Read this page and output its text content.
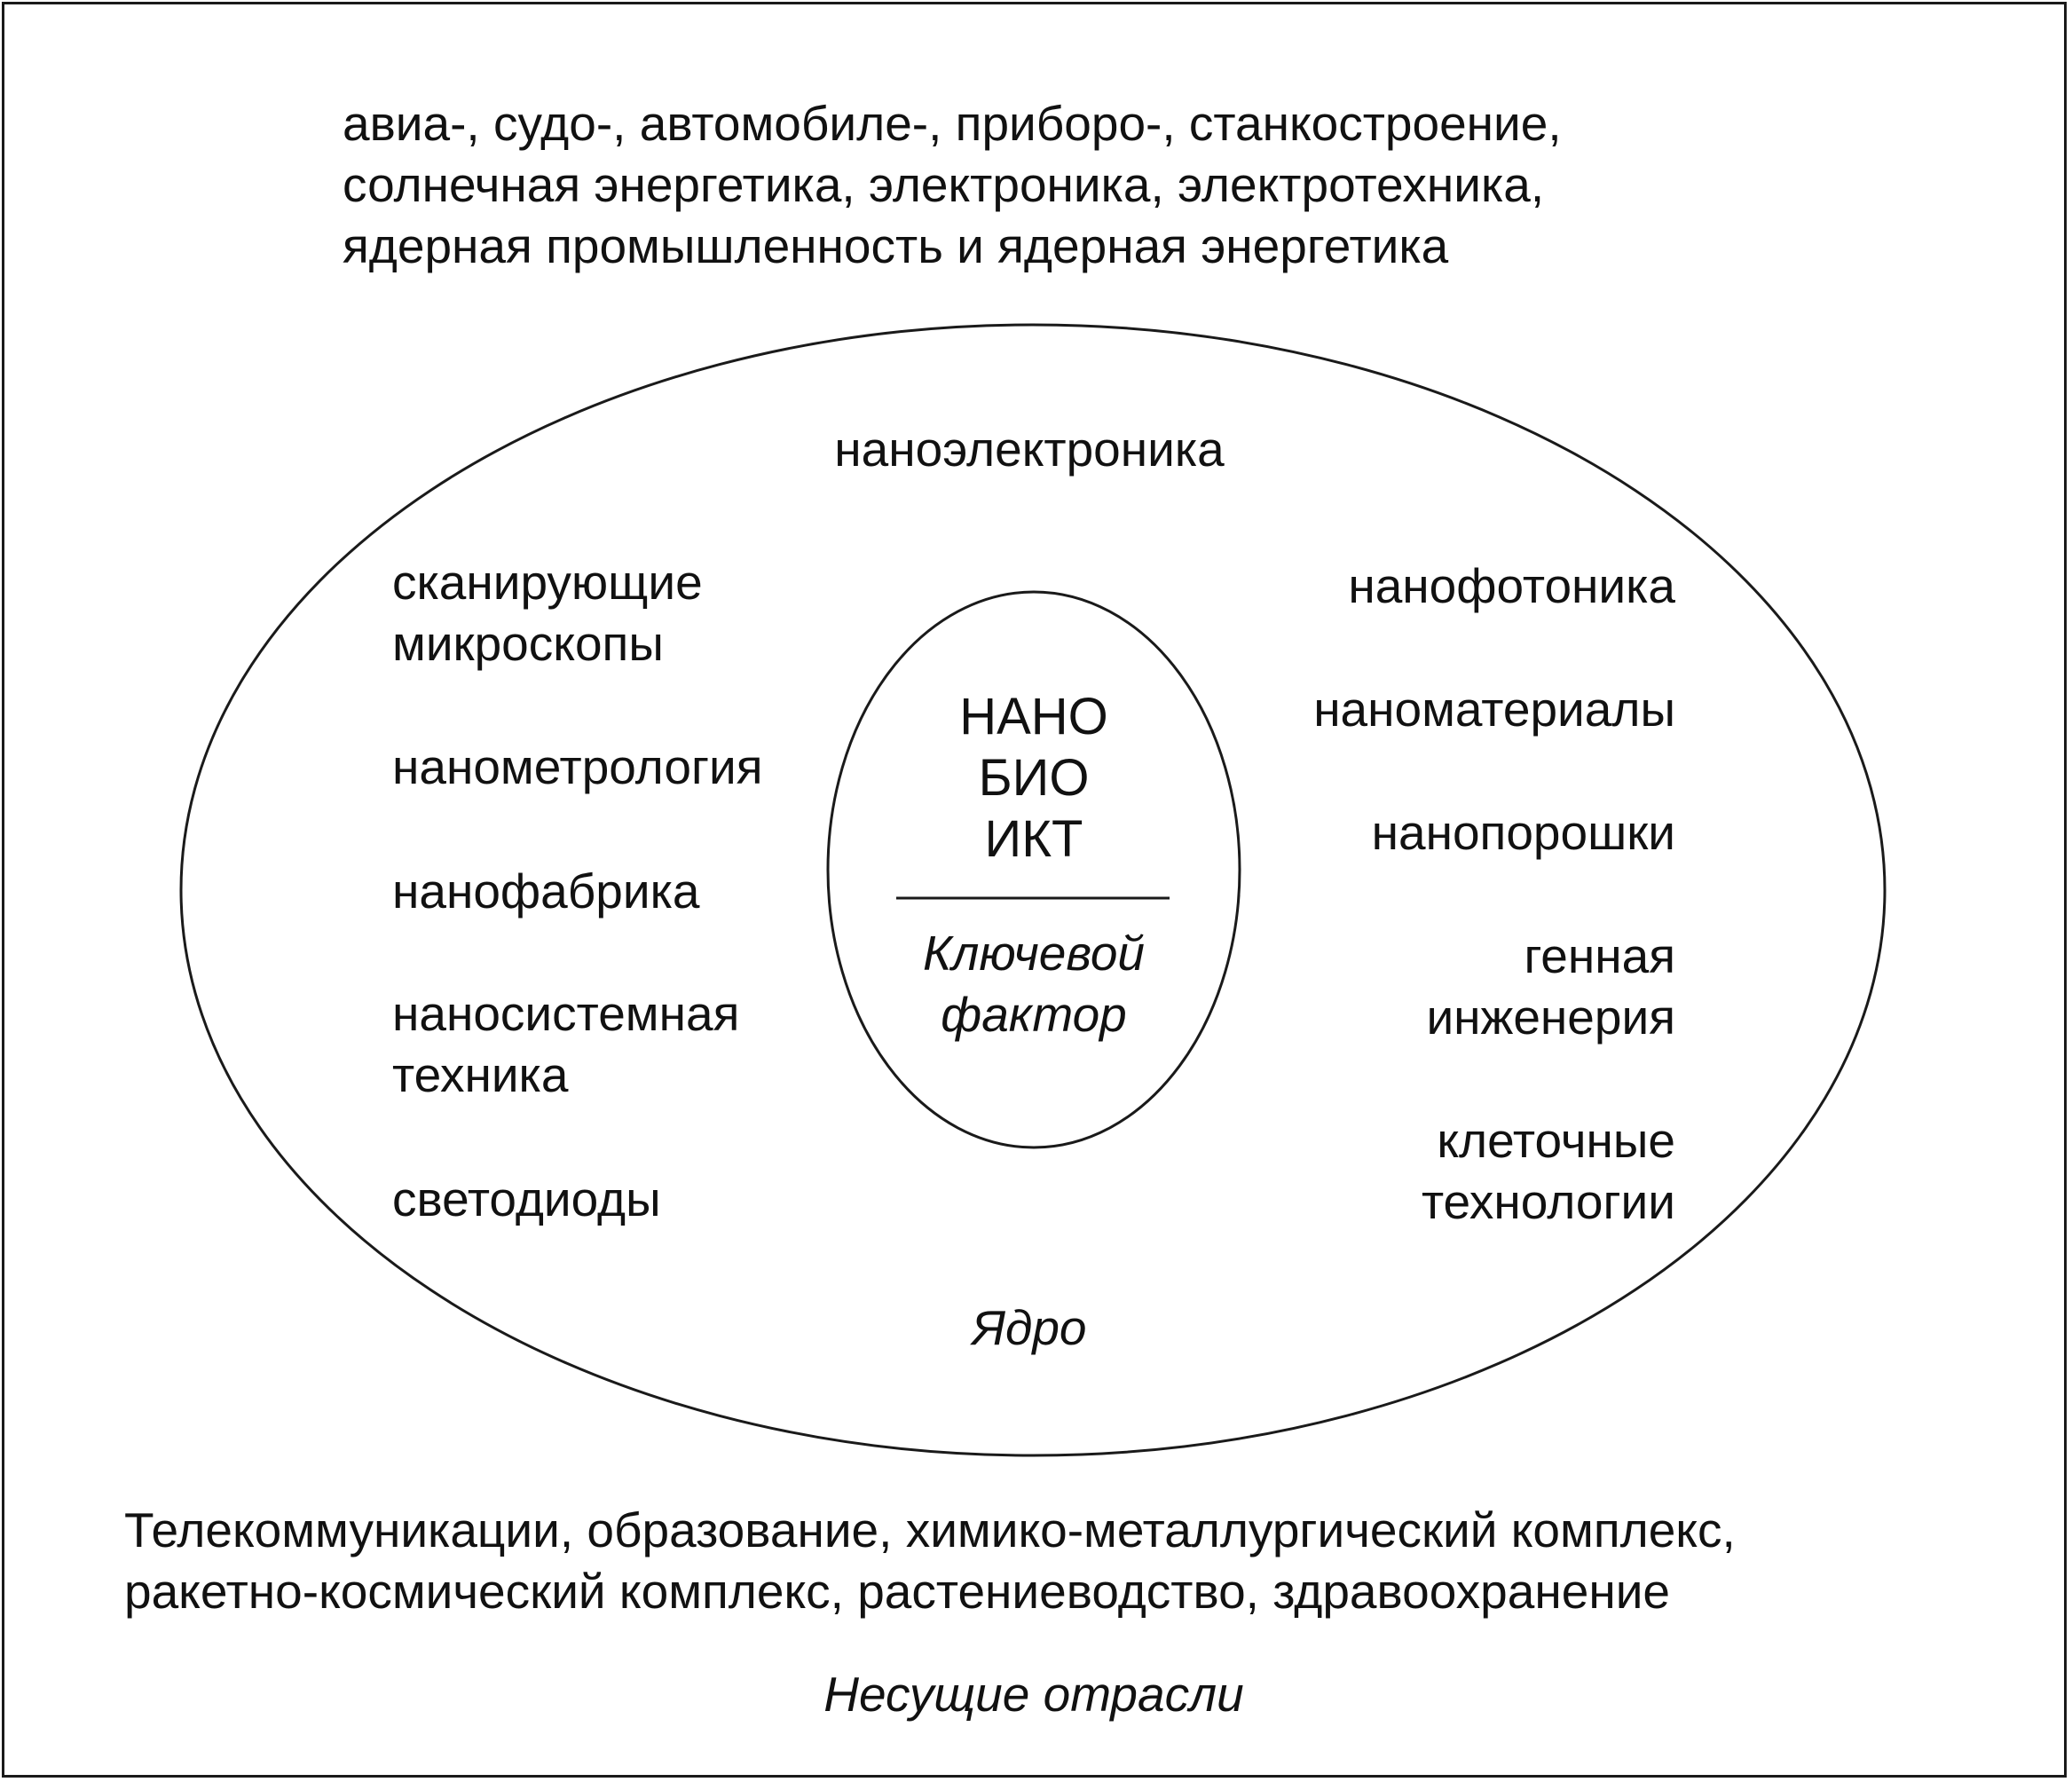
авиа-, судо-, автомобиле-, приборо-, станкостроение,
солнечная энергетика, электроника, электротехника,
ядерная промышленность и ядерная энергетика
наноэлектроника
сканирующие
микроскопы
нанометрология
нанофабрика
наносистемная
техника
светодиоды
нанофотоника
наноматериалы
нанопорошки
генная
инженерия
клеточные
технологии
Ядро
НАНО
БИО
ИКТ
Ключевой
фактор
Телекоммуникации, образование, химико-металлургический комплекс,
ракетно-космический комплекс, растениеводство, здравоохранение
Несущие отрасли
